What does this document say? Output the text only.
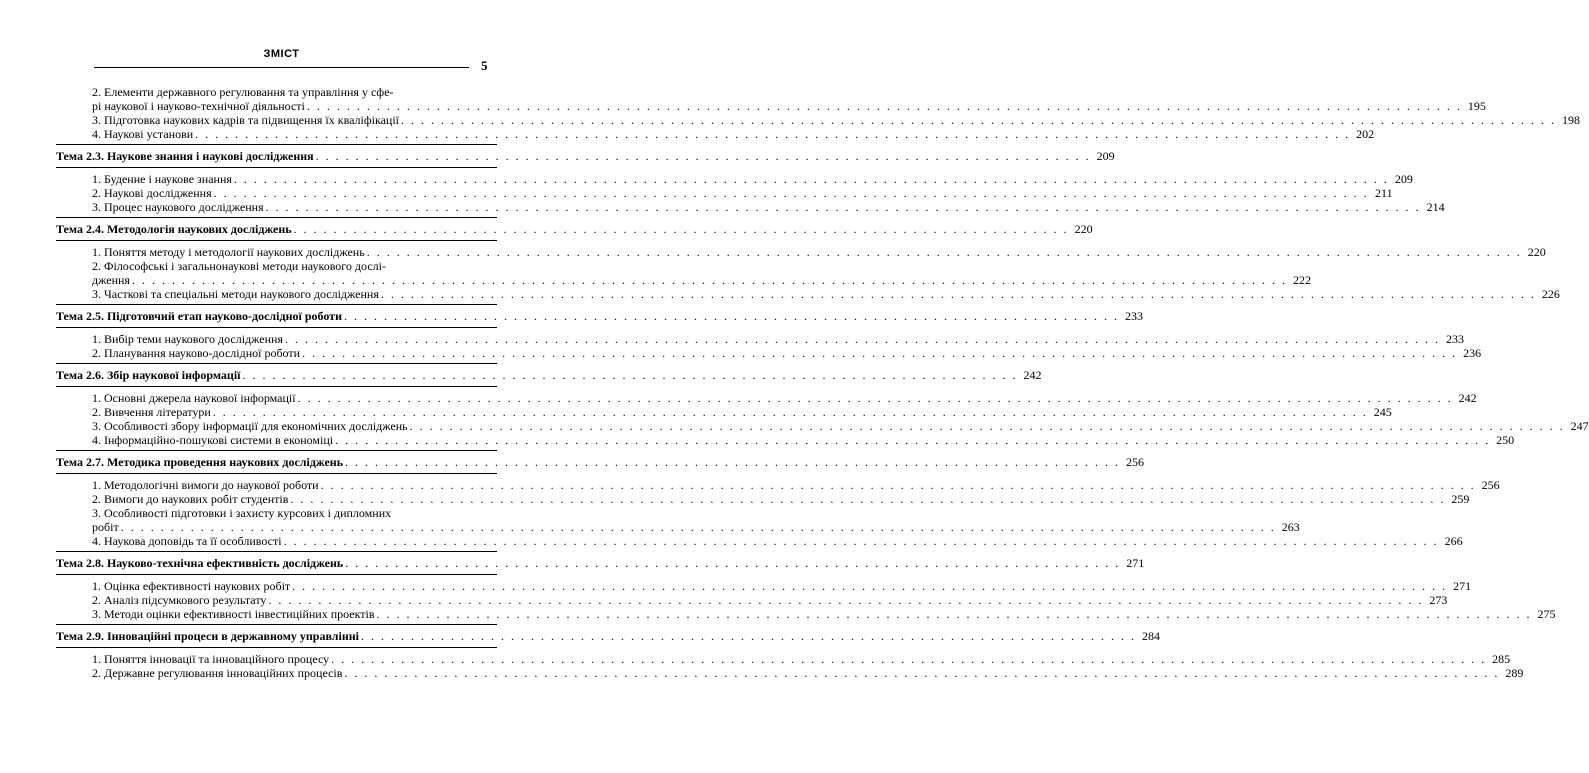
ЗМІСТ
5
2. Елементи державного регулювання та управління у сфе-
рі наукової і науково-технічної діяльності . . .	195
3. Підготовка наукових кадрів та підвищення їх кваліфікації . . .	198
4. Наукові установи . . .	202
Тема 2.3. Наукове знання і наукові дослідження . . . . . . . . . . . . . . . . . . . . . . . . . . . . . . . . . . . . . . . . . . . . . . . . . . . . . . . . . . . . . . . . . . . . . . . . . . . . . . 209
1. Буденне і наукове знання . . .	209
2. Наукові дослідження . . .	211
3. Процес наукового дослідження . . .	214
Тема 2.4. Методологія наукових досліджень . . . . . . . . . . . . . . . . . . . . . . . . . . . . . . . . . . . . . . . . . . . . . . . . . . . . . . . . . . . . . . . . . . . . . . . . . . . . . . 220
1. Поняття методу і методології наукових досліджень . . .	220
2. Філософські і загальнонаукові методи наукового дослі-
дження . . .	222
3. Часткові та спеціальні методи наукового дослідження . . .	226
Тема 2.5. Підготовчий етап науково-дослідної роботи . . . . . . . . . . . . . . . . . . . . . . . . . . . . . . . . . . . . . . . . . . . . . . . . . . . . . . . . . . . . . . . . . . . . . . . . . . . . . . 233
1. Вибір теми наукового дослідження . . .	233
2. Планування науково-дослідної роботи . . .	236
Тема 2.6. Збір наукової інформації . . . . . . . . . . . . . . . . . . . . . . . . . . . . . . . . . . . . . . . . . . . . . . . . . . . . . . . . . . . . . . . . . . . . . . . . . . . . . . 242
1. Основні джерела наукової інформації . . .	242
2. Вивчення літератури . . .	245
3. Особливості збору інформації для економічних досліджень . . .	247
4. Інформаційно-пошукові системи в економіці . . .	250
Тема 2.7. Методика проведення наукових досліджень . . . . . . . . . . . . . . . . . . . . . . . . . . . . . . . . . . . . . . . . . . . . . . . . . . . . . . . . . . . . . . . . . . . . . . . . . . . . . . 256
1. Методологічні вимоги до наукової роботи . . .	256
2. Вимоги до наукових робіт студентів . . .	259
3. Особливості підготовки і захисту курсових і дипломних
робіт . . .	263
4. Наукова доповідь та її особливості . . .	266
Тема 2.8. Науково-технічна ефективність досліджень . . . . . . . . . . . . . . . . . . . . . . . . . . . . . . . . . . . . . . . . . . . . . . . . . . . . . . . . . . . . . . . . . . . . . . . . . . . . . . 271
1. Оцінка ефективності наукових робіт . . .	271
2. Аналіз підсумкового результату . . .	273
3. Методи оцінки ефективності інвестиційних проектів . . .	275
Тема 2.9. Інноваційні процеси в державному управлінні . . . . . . . . . . . . . . . . . . . . . . . . . . . . . . . . . . . . . . . . . . . . . . . . . . . . . . . . . . . . . . . . . . . . . . . . . . . . . . 284
1. Поняття інновації та інноваційного процесу . . .	285
2. Державне регулювання інноваційних процесів . . .	289
